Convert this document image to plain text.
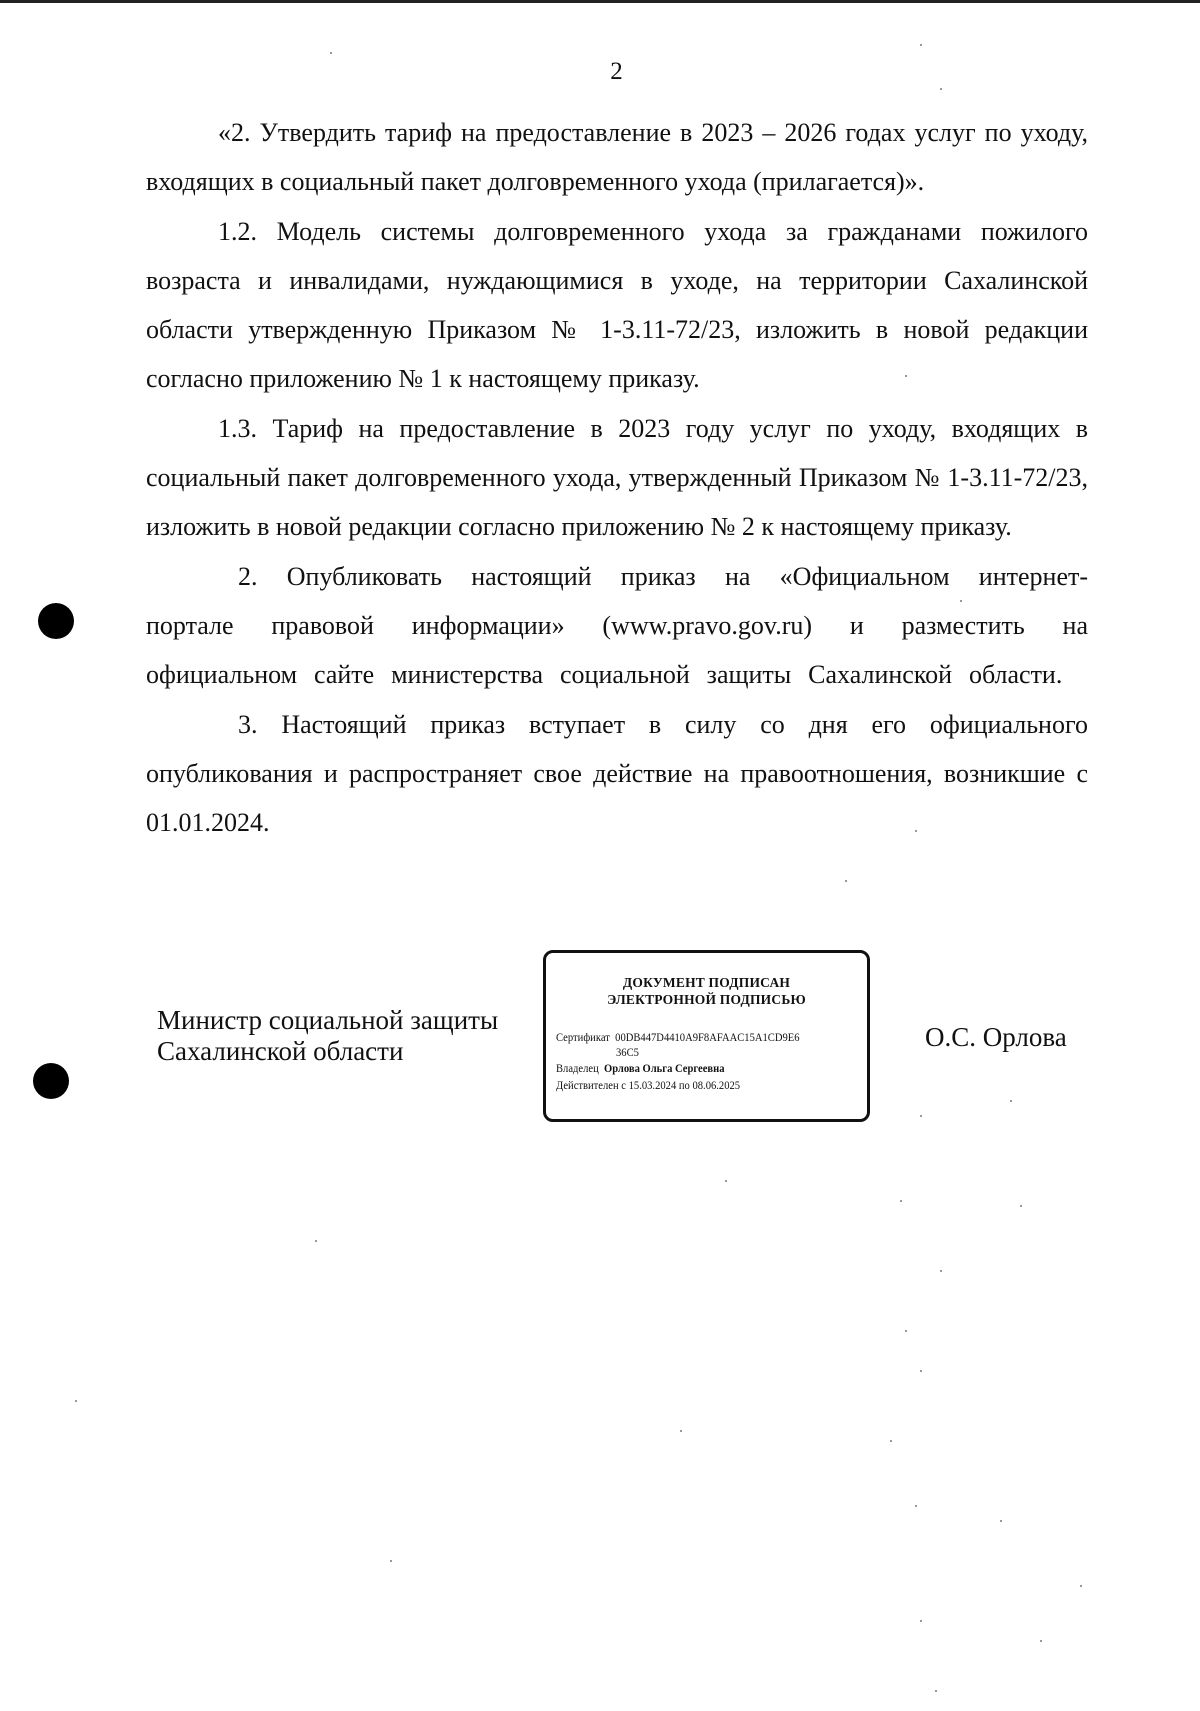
2

«2. Утвердить тариф на предоставление в 2023 – 2026 годах услуг по уходу, входящих в социальный пакет долговременного ухода (прилагается)».

1.2. Модель системы долговременного ухода за гражданами пожилого возраста и инвалидами, нуждающимися в уходе, на территории Сахалинской области утвержденную Приказом № 1-3.11-72/23, изложить в новой редакции согласно приложению № 1 к настоящему приказу.

1.3. Тариф на предоставление в 2023 году услуг по уходу, входящих в социальный пакет долговременного ухода, утвержденный Приказом № 1-3.11-72/23, изложить в новой редакции согласно приложению № 2 к настоящему приказу.

2. Опубликовать настоящий приказ на «Официальном интернет-портале правовой информации» (www.pravo.gov.ru) и разместить на официальном сайте министерства социальной защиты Сахалинской области.

3. Настоящий приказ вступает в силу со дня его официального опубликования и распространяет свое действие на правоотношения, возникшие с 01.01.2024.

Министр социальной защиты
Сахалинской области
ДОКУМЕНТ ПОДПИСАН
ЭЛЕКТРОННОЙ ПОДПИСЬЮ
Сертификат 00DB447D4410A9F8AFAAC15A1CD9E6
36C5
Владелец Орлова Ольга Сергеевна
Действителен с 15.03.2024 по 08.06.2025
О.С. Орлова
